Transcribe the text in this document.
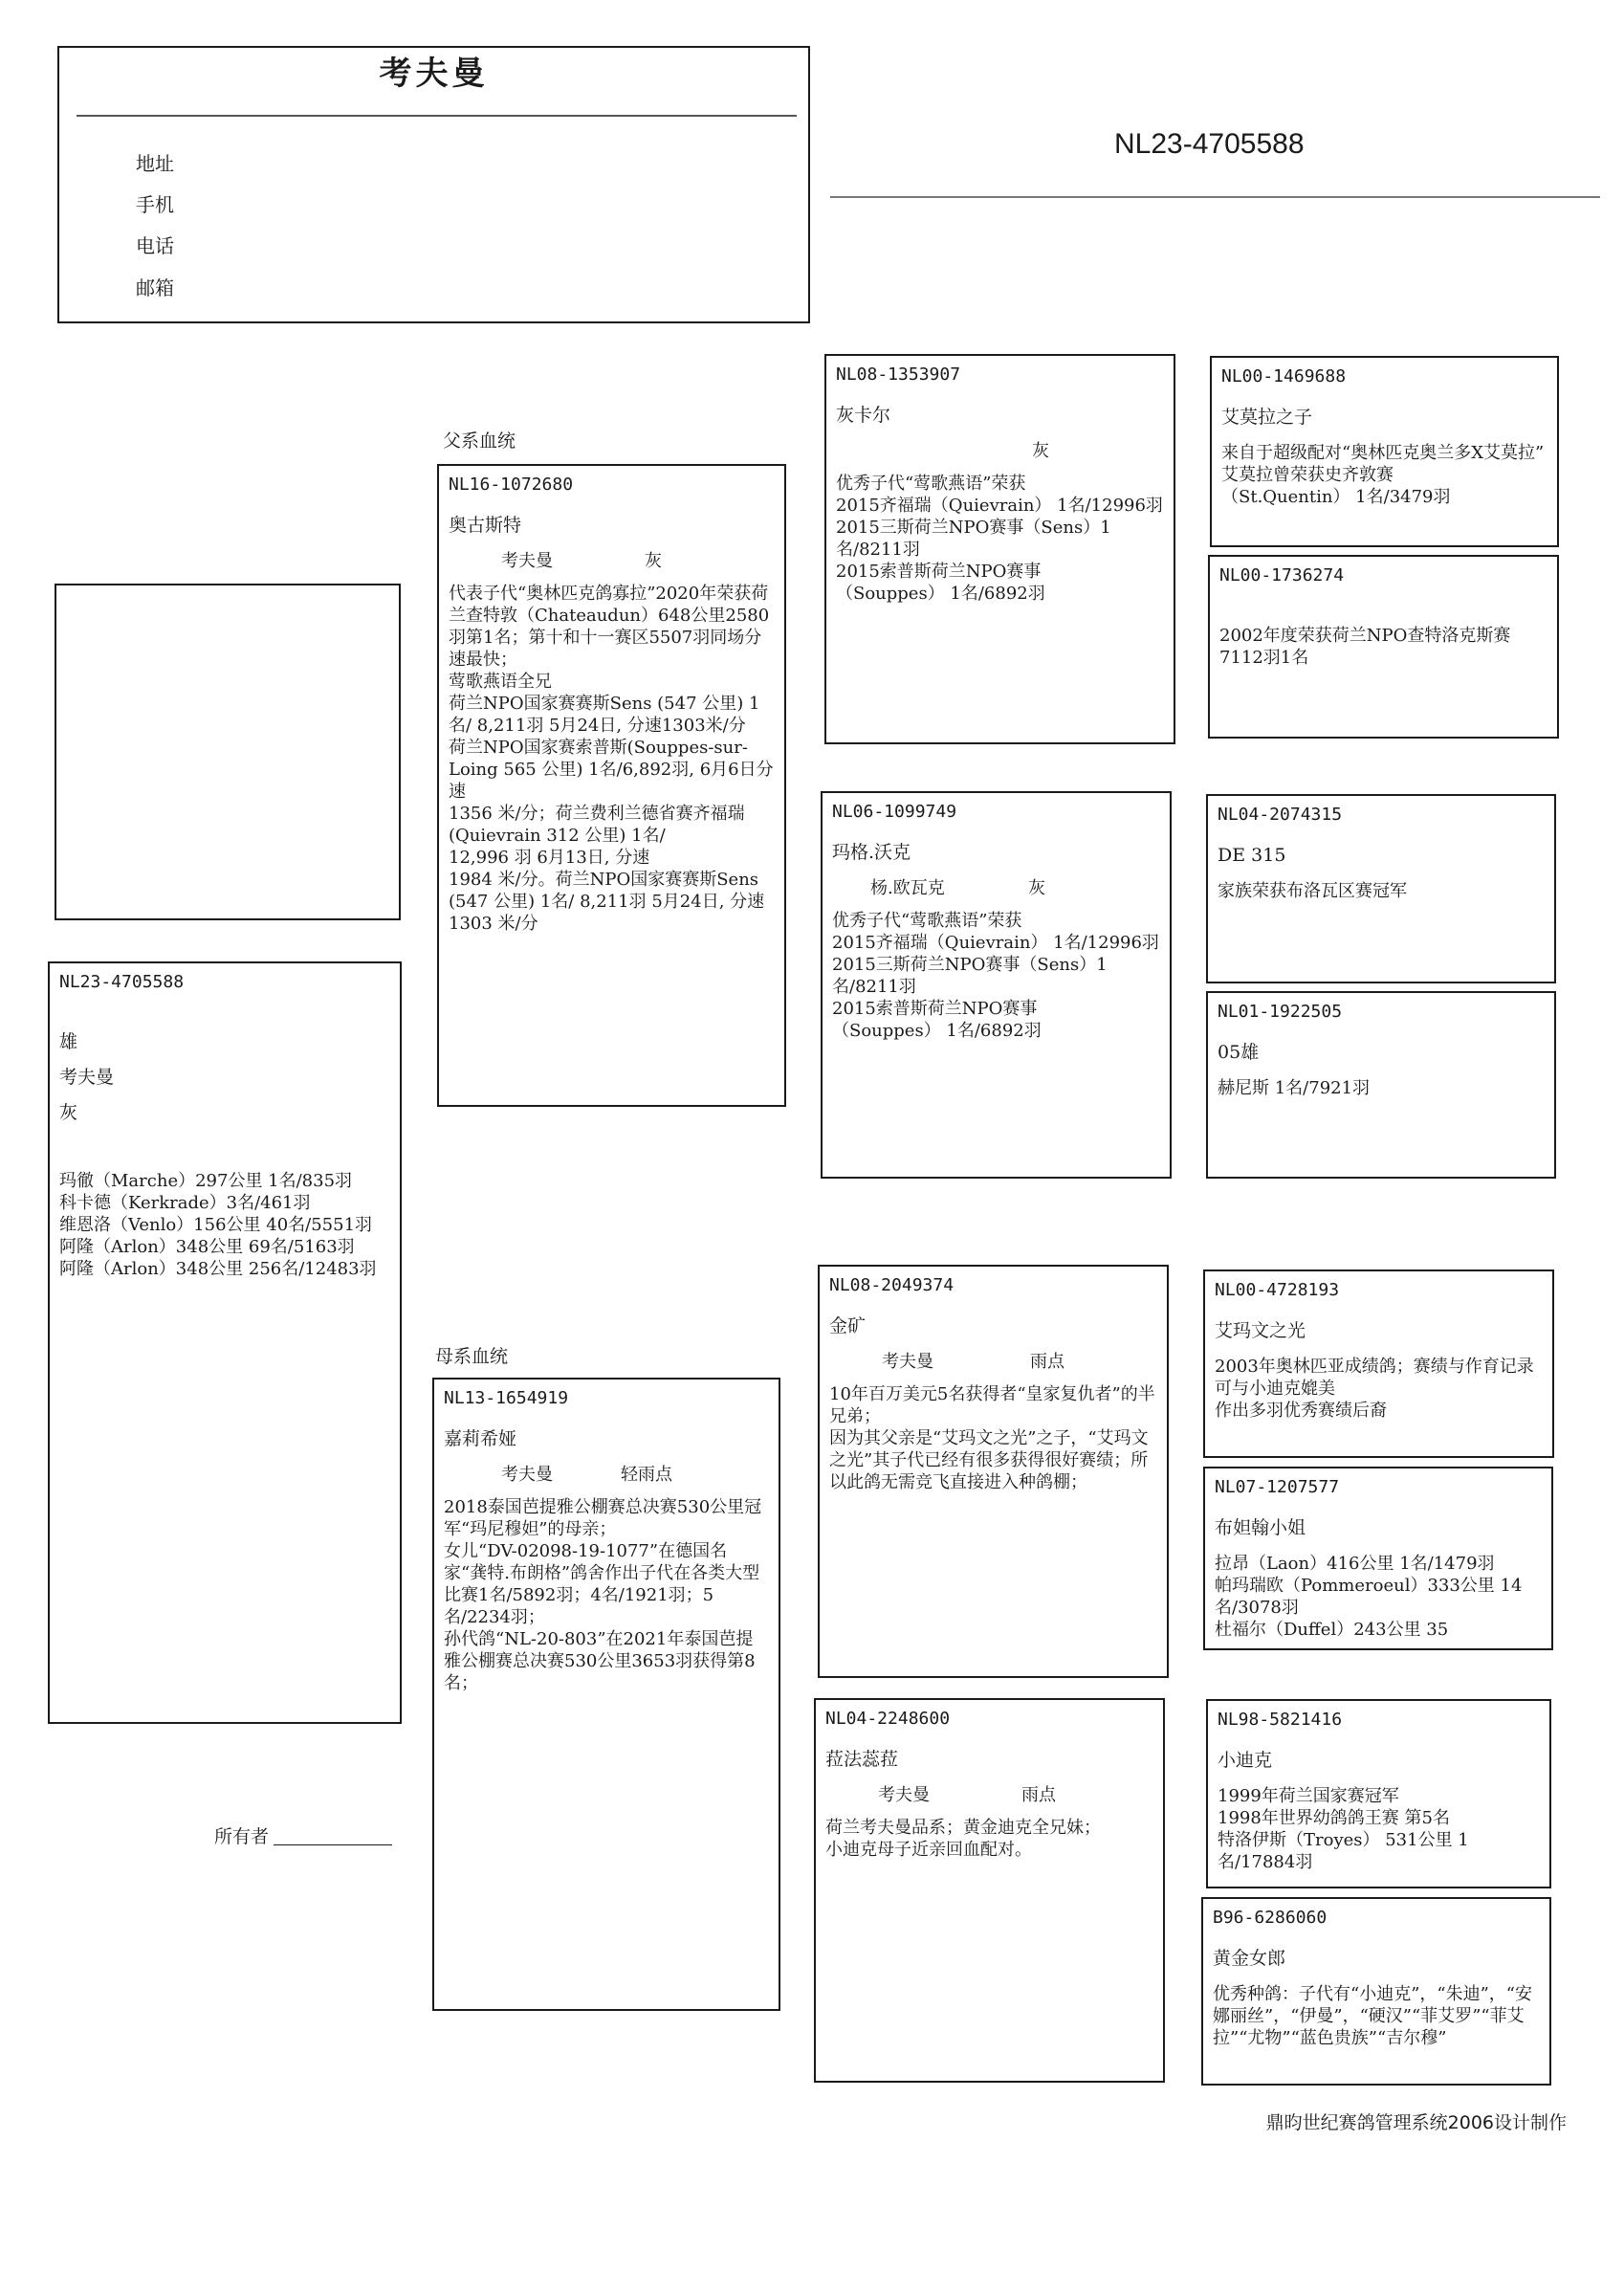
考夫曼
地址
手机
电话
邮箱
NL23-4705588
父系血统
母系血统
NL23-4705588
雄
考夫曼
灰
玛徹（Marche）297公里 1名/835羽
科卡德（Kerkrade）3名/461羽
维恩洛（Venlo）156公里 40名/5551羽
阿隆（Arlon）348公里 69名/5163羽
阿隆（Arlon）348公里 256名/12483羽
NL16-1072680
奥古斯特
考夫曼	灰
代表子代“奥林匹克鸽寡拉”2020年荣获荷兰查特敦（Chateaudun）648公里2580羽第1名；第十和十一赛区5507羽同场分速最快；
莺歌燕语全兄
荷兰NPO国家赛赛斯Sens (547 公里) 1名/ 8,211羽 5月24日, 分速1303米/分
荷兰NPO国家赛索普斯(Souppes-sur-Loing 565 公里) 1名/6,892羽, 6月6日分速
1356 米/分；荷兰费利兰德省赛齐福瑞(Quievrain 312 公里) 1名/
12,996 羽 6月13日, 分速
1984 米/分。荷兰NPO国家赛赛斯Sens (547 公里) 1名/ 8,211羽 5月24日, 分速1303 米/分
NL13-1654919
嘉莉希娅
考夫曼	轻雨点
2018泰国芭提雅公棚赛总决赛530公里冠军“玛尼穆妲”的母亲；
女儿“DV-02098-19-1077”在德国名家“龚特.布朗格”鸽舍作出子代在各类大型比赛1名/5892羽；4名/1921羽；5名/2234羽；
孙代鸽“NL-20-803”在2021年泰国芭提雅公棚赛总决赛530公里3653羽获得第8名；
NL08-1353907
灰卡尔
灰
优秀子代“莺歌燕语”荣获
2015齐福瑞（Quievrain） 1名/12996羽
2015三斯荷兰NPO赛事（Sens）1名/8211羽
2015索普斯荷兰NPO赛事
（Souppes） 1名/6892羽
NL06-1099749
玛格.沃克
杨.欧瓦克	灰
优秀子代“莺歌燕语”荣获
2015齐福瑞（Quievrain） 1名/12996羽
2015三斯荷兰NPO赛事（Sens）1名/8211羽
2015索普斯荷兰NPO赛事
（Souppes） 1名/6892羽
NL08-2049374
金矿
考夫曼	雨点
10年百万美元5名获得者“皇家复仇者”的半兄弟；
因为其父亲是“艾玛文之光”之子，“艾玛文之光”其子代已经有很多获得很好赛绩；所以此鸽无需竞飞直接进入种鸽棚；
NL04-2248600
菈法蕊菈
考夫曼	雨点
荷兰考夫曼品系；黄金迪克全兄妹；
小迪克母子近亲回血配对。
NL00-1469688
艾莫拉之子
来自于超级配对“奥林匹克奥兰多X艾莫拉”
艾莫拉曾荣获史齐敦赛
（St.Quentin） 1名/3479羽
NL00-1736274
2002年度荣获荷兰NPO查特洛克斯赛7112羽1名
NL04-2074315
DE 315
家族荣获布洛瓦区赛冠军
NL01-1922505
05雄
赫尼斯 1名/7921羽
NL00-4728193
艾玛文之光
2003年奥林匹亚成绩鸽；赛绩与作育记录可与小迪克媲美
作出多羽优秀赛绩后裔
NL07-1207577
布妲翰小姐
拉昂（Laon）416公里 1名/1479羽
帕玛瑞欧（Pommeroeul）333公里 14名/3078羽
杜福尔（Duffel）243公里 35
NL98-5821416
小迪克
1999年荷兰国家赛冠军
1998年世界幼鸽鸽王赛 第5名
特洛伊斯（Troyes） 531公里 1名/17884羽
B96-6286060
黄金女郎
优秀种鸽：子代有“小迪克”，“朱迪”，“安娜丽丝”，“伊曼”，“硬汉”“菲艾罗”“菲艾拉”“尤物”“蓝色贵族”“吉尔穆”
所有者
鼎昀世纪赛鸽管理系统2006设计制作
